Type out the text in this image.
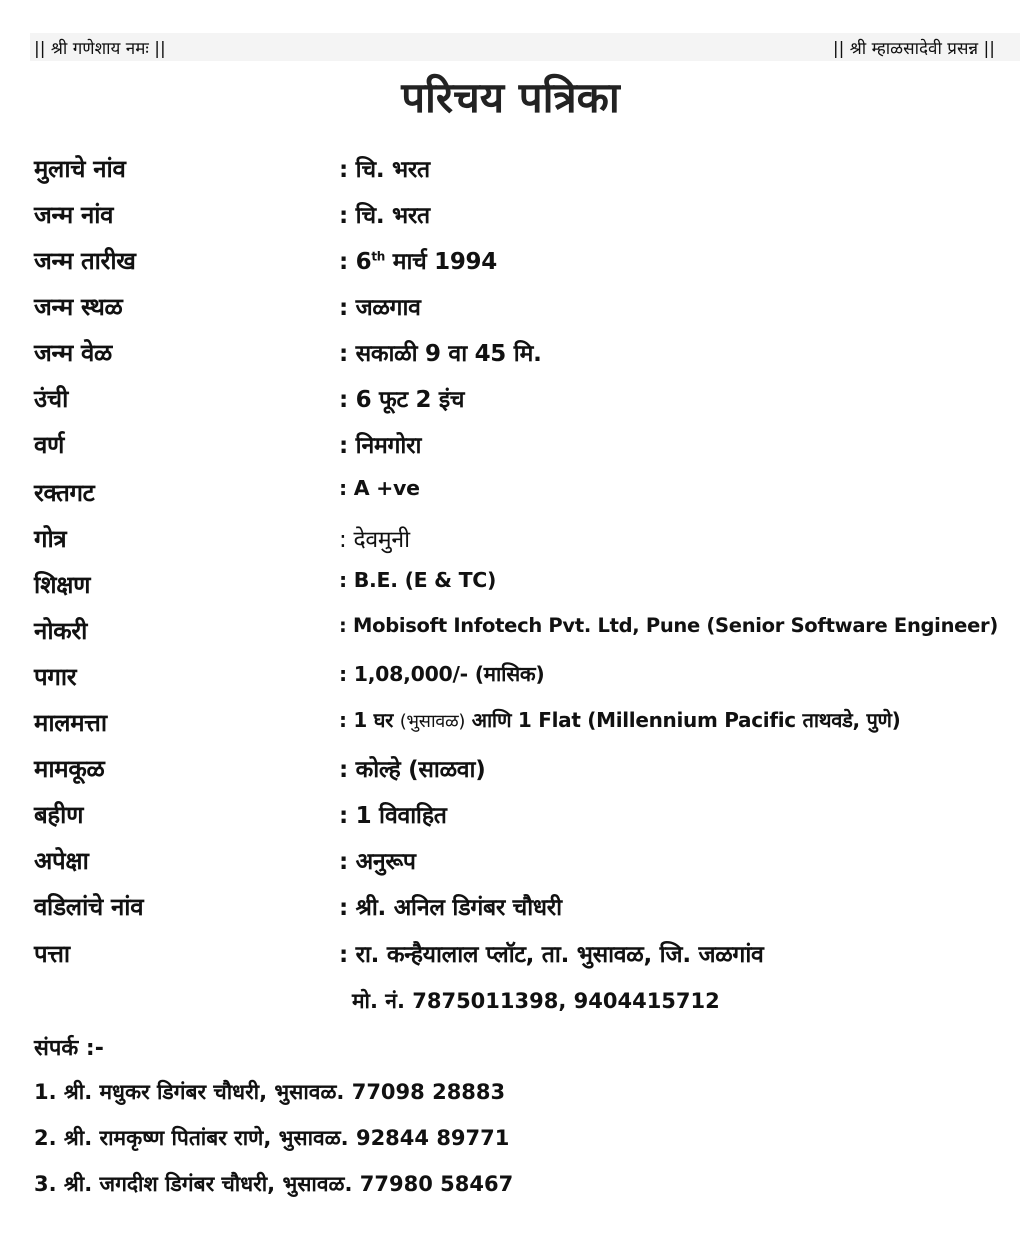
|| श्री गणेशाय नमः ||	|| श्री म्हाळसादेवी प्रसन्न ||
परिचय पत्रिका
मुलाचे नांव	: चि. भरत
जन्म नांव	: चि. भरत
जन्म तारीख	: 6th मार्च 1994
जन्म स्थळ	: जळगाव
जन्म वेळ	: सकाळी 9 वा 45 मि.
उंची	: 6 फूट 2 इंच
वर्ण	: निमगोरा
रक्तगट	: A +ve
गोत्र	: देवमुनी
शिक्षण	: B.E. (E & TC)
नोकरी	: Mobisoft Infotech Pvt. Ltd, Pune (Senior Software Engineer)
पगार	: 1,08,000/- (मासिक)
मालमत्ता	: 1 घर (भुसावळ) आणि 1 Flat (Millennium Pacific ताथवडे, पुणे)
मामकूळ	: कोल्हे (साळवा)
बहीण	: 1 विवाहित
अपेक्षा	: अनुरूप
वडिलांचे नांव	: श्री. अनिल डिगंबर चौधरी
पत्ता	: रा. कन्हैयालाल प्लॉट, ता. भुसावळ, जि. जळगांव
मो. नं. 7875011398, 9404415712
संपर्क :-
1. श्री. मधुकर डिगंबर चौधरी, भुसावळ. 77098 28883
2. श्री. रामकृष्ण पितांबर राणे, भुसावळ. 92844 89771
3. श्री. जगदीश डिगंबर चौधरी, भुसावळ. 77980 58467
